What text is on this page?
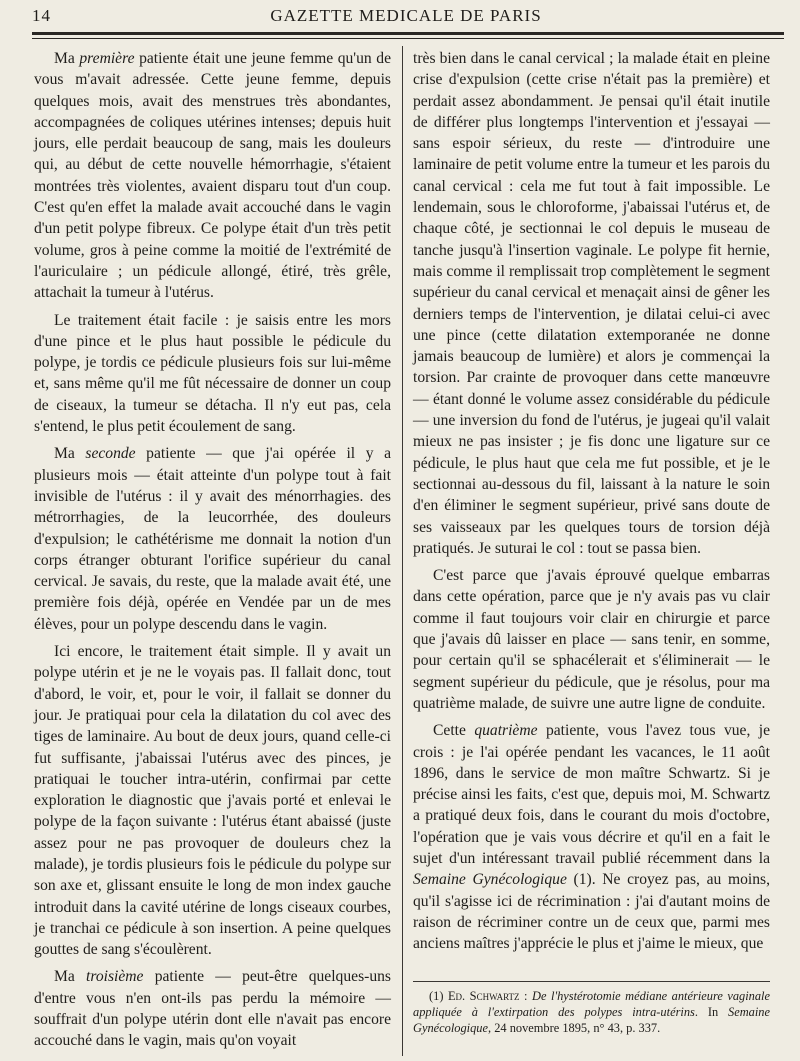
14	GAZETTE MEDICALE DE PARIS

Ma première patiente était une jeune femme qu'un de vous m'avait adressée. Cette jeune femme, depuis quelques mois, avait des menstrues très abondantes, accompagnées de coliques utérines intenses; depuis huit jours, elle perdait beaucoup de sang, mais les douleurs qui, au début de cette nouvelle hémorrhagie, s'étaient montrées très violentes, avaient disparu tout d'un coup. C'est qu'en effet la malade avait accouché dans le vagin d'un petit polype fibreux. Ce polype était d'un très petit volume, gros à peine comme la moitié de l'extrémité de l'auriculaire ; un pédicule allongé, étiré, très grêle, attachait la tumeur à l'utérus.

Le traitement était facile : je saisis entre les mors d'une pince et le plus haut possible le pédicule du polype, je tordis ce pédicule plusieurs fois sur lui-même et, sans même qu'il me fût nécessaire de donner un coup de ciseaux, la tumeur se détacha. Il n'y eut pas, cela s'entend, le plus petit écoulement de sang.

Ma seconde patiente — que j'ai opérée il y a plusieurs mois — était atteinte d'un polype tout à fait invisible de l'utérus : il y avait des ménorrhagies. des métrorrhagies, de la leucorrhée, des douleurs d'expulsion; le cathétérisme me donnait la notion d'un corps étranger obturant l'orifice supérieur du canal cervical. Je savais, du reste, que la malade avait été, une première fois déjà, opérée en Vendée par un de mes élèves, pour un polype descendu dans le vagin.

Ici encore, le traitement était simple. Il y avait un polype utérin et je ne le voyais pas. Il fallait donc, tout d'abord, le voir, et, pour le voir, il fallait se donner du jour. Je pratiquai pour cela la dilatation du col avec des tiges de laminaire. Au bout de deux jours, quand celle-ci fut suffisante, j'abaissai l'utérus avec des pinces, je pratiquai le toucher intra-utérin, confirmai par cette exploration le diagnostic que j'avais porté et enlevai le polype de la façon suivante : l'utérus étant abaissé (juste assez pour ne pas provoquer de douleurs chez la malade), je tordis plusieurs fois le pédicule du polype sur son axe et, glissant ensuite le long de mon index gauche introduit dans la cavité utérine de longs ciseaux courbes, je tranchai ce pédicule à son insertion. A peine quelques gouttes de sang s'écoulèrent.

Ma troisième patiente — peut-être quelques-uns d'entre vous n'en ont-ils pas perdu la mémoire — souffrait d'un polype utérin dont elle n'avait pas encore accouché dans le vagin, mais qu'on voyait

très bien dans le canal cervical ; la malade était en pleine crise d'expulsion (cette crise n'était pas la première) et perdait assez abondamment. Je pensai qu'il était inutile de différer plus longtemps l'intervention et j'essayai — sans espoir sérieux, du reste — d'introduire une laminaire de petit volume entre la tumeur et les parois du canal cervical : cela me fut tout à fait impossible. Le lendemain, sous le chloroforme, j'abaissai l'utérus et, de chaque côté, je sectionnai le col depuis le museau de tanche jusqu'à l'insertion vaginale. Le polype fit hernie, mais comme il remplissait trop complètement le segment supérieur du canal cervical et menaçait ainsi de gêner les derniers temps de l'intervention, je dilatai celui-ci avec une pince (cette dilatation extemporanée ne donne jamais beaucoup de lumière) et alors je commençai la torsion. Par crainte de provoquer dans cette manœuvre — étant donné le volume assez considérable du pédicule — une inversion du fond de l'utérus, je jugeai qu'il valait mieux ne pas insister ; je fis donc une ligature sur ce pédicule, le plus haut que cela me fut possible, et je le sectionnai au-dessous du fil, laissant à la nature le soin d'en éliminer le segment supérieur, privé sans doute de ses vaisseaux par les quelques tours de torsion déjà pratiqués. Je suturai le col : tout se passa bien.

C'est parce que j'avais éprouvé quelque embarras dans cette opération, parce que je n'y avais pas vu clair comme il faut toujours voir clair en chirurgie et parce que j'avais dû laisser en place — sans tenir, en somme, pour certain qu'il se sphacélerait et s'éliminerait — le segment supérieur du pédicule, que je résolus, pour ma quatrième malade, de suivre une autre ligne de conduite.

Cette quatrième patiente, vous l'avez tous vue, je crois : je l'ai opérée pendant les vacances, le 11 août 1896, dans le service de mon maître Schwartz. Si je précise ainsi les faits, c'est que, depuis moi, M. Schwartz a pratiqué deux fois, dans le courant du mois d'octobre, l'opération que je vais vous décrire et qu'il en a fait le sujet d'un intéressant travail publié récemment dans la Semaine Gynécologique (1). Ne croyez pas, au moins, qu'il s'agisse ici de récrimination : j'ai d'autant moins de raison de récriminer contre un de ceux que, parmi mes anciens maîtres j'apprécie le plus et j'aime le mieux, que

(1) Ed. Schwartz : De l'hystérotomie médiane antérieure vaginale appliquée à l'extirpation des polypes intra-utérins. In Semaine Gynécologique, 24 novembre 1895, n° 43, p. 337.
